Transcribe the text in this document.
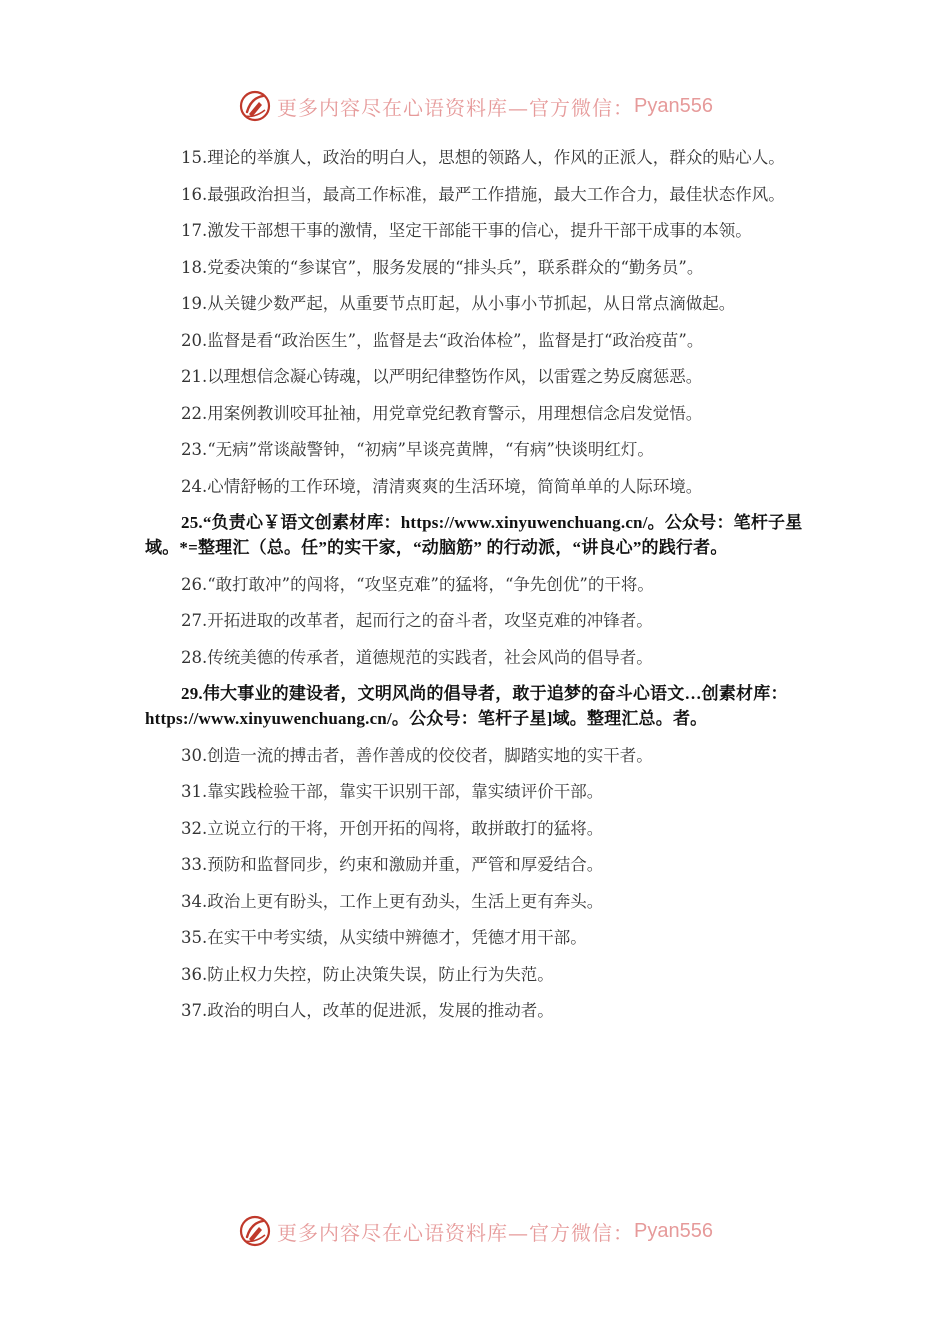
更多内容尽在心语资料库—官方微信： Pyan556

15.理论的举旗人，政治的明白人，思想的领路人，作风的正派人，群众的贴心人。

16.最强政治担当，最高工作标准，最严工作措施，最大工作合力，最佳状态作风。

17.激发干部想干事的激情，坚定干部能干事的信心，提升干部干成事的本领。

18.党委决策的“参谋官”，服务发展的“排头兵”，联系群众的“勤务员”。

19.从关键少数严起，从重要节点盯起，从小事小节抓起，从日常点滴做起。

20.监督是看“政治医生”，监督是去“政治体检”，监督是打“政治疫苗”。

21.以理想信念凝心铸魂，以严明纪律整饬作风，以雷霆之势反腐惩恶。

22.用案例教训咬耳扯袖，用党章党纪教育警示，用理想信念启发觉悟。

23.“无病”常谈敲警钟，“初病”早谈亮黄牌，“有病”快谈明红灯。

24.心情舒畅的工作环境，清清爽爽的生活环境，简简单单的人际环境。

25.“负责心￥语文创素材库：https://www.xinyuwenchuang.cn/。公众号：笔杆子星域。*=整理汇（总。任”的实干家，“动脑筋” 的行动派，“讲良心”的践行者。

26.“敢打敢冲”的闯将，“攻坚克难”的猛将，“争先创优”的干将。

27.开拓进取的改革者，起而行之的奋斗者，攻坚克难的冲锋者。

28.传统美德的传承者，道德规范的实践者，社会风尚的倡导者。

29.伟大事业的建设者，文明风尚的倡导者，敢于追梦的奋斗心语文…创素材库：https://www.xinyuwenchuang.cn/。公众号：笔杆子星]域。整理汇总。者。

30.创造一流的搏击者，善作善成的佼佼者，脚踏实地的实干者。

31.靠实践检验干部，靠实干识别干部，靠实绩评价干部。

32.立说立行的干将，开创开拓的闯将，敢拼敢打的猛将。

33.预防和监督同步，约束和激励并重，严管和厚爱结合。

34.政治上更有盼头，工作上更有劲头，生活上更有奔头。

35.在实干中考实绩，从实绩中辨德才，凭德才用干部。

36.防止权力失控，防止决策失误，防止行为失范。

37.政治的明白人，改革的促进派，发展的推动者。

更多内容尽在心语资料库—官方微信： Pyan556
